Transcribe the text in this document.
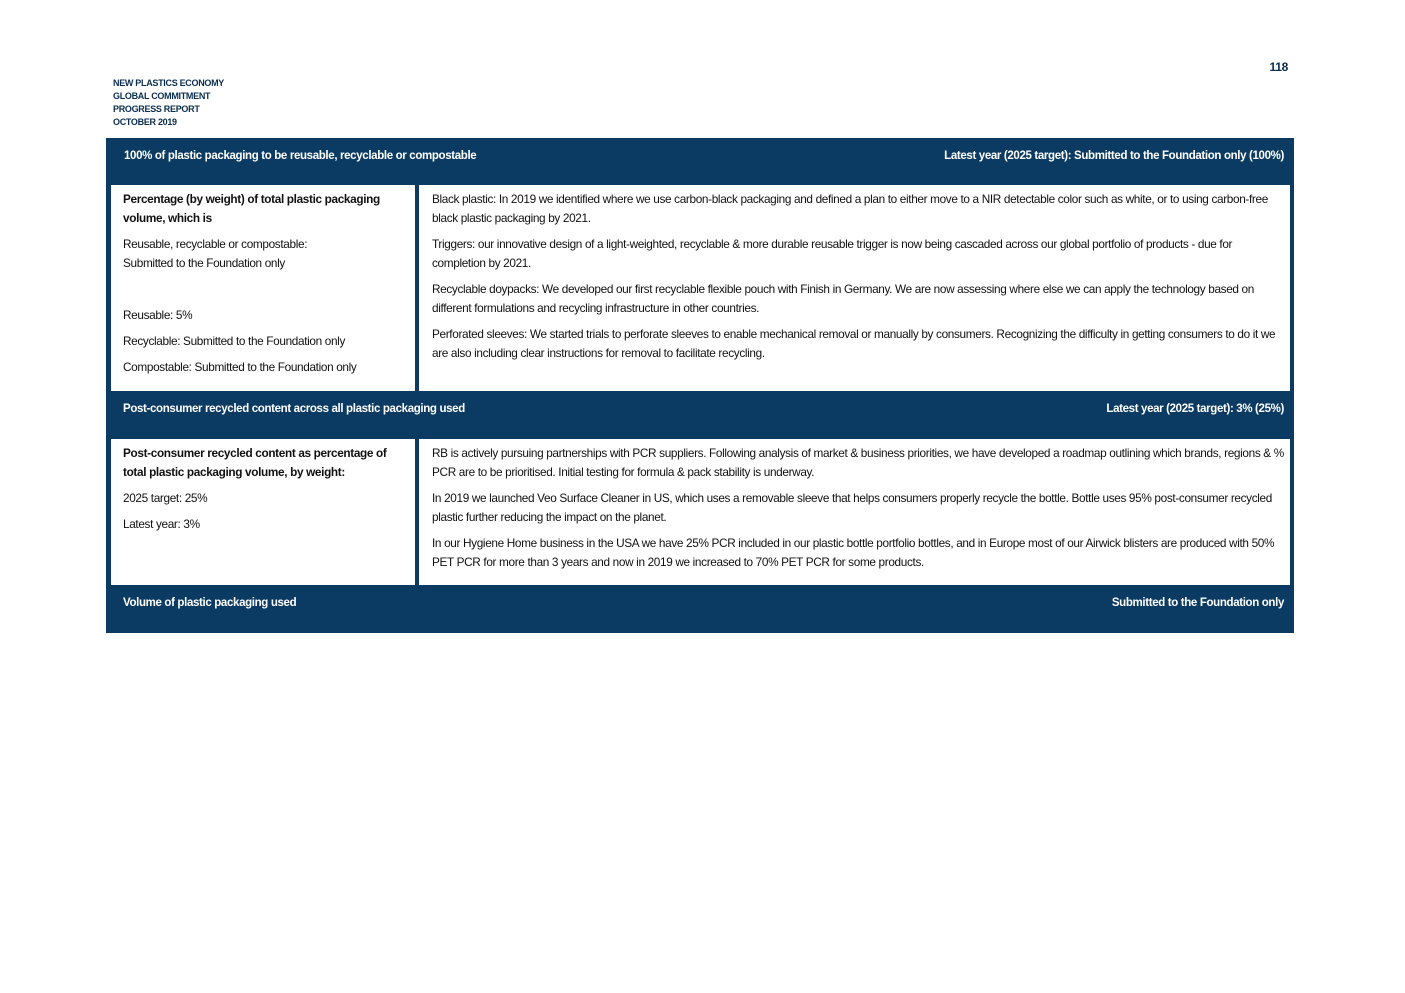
118
NEW PLASTICS ECONOMY
GLOBAL COMMITMENT
PROGRESS REPORT
OCTOBER 2019
100% of plastic packaging to be reusable, recyclable or compostable	Latest year (2025 target): Submitted to the Foundation only (100%)

Percentage (by weight) of total plastic packaging volume, which is

Reusable, recyclable or compostable:
Submitted to the Foundation only

Reusable: 5%

Recyclable: Submitted to the Foundation only

Compostable: Submitted to the Foundation only

Black plastic: In 2019 we identified where we use carbon-black packaging and defined a plan to either move to a NIR detectable color such as white, or to using carbon-free black plastic packaging by 2021.

Triggers: our innovative design of a light-weighted, recyclable & more durable reusable trigger is now being cascaded across our global portfolio of products - due for completion by 2021.

Recyclable doypacks: We developed our first recyclable flexible pouch with Finish in Germany. We are now assessing where else we can apply the technology based on different formulations and recycling infrastructure in other countries.

Perforated sleeves: We started trials to perforate sleeves to enable mechanical removal or manually by consumers. Recognizing the difficulty in getting consumers to do it we are also including clear instructions for removal to facilitate recycling.

Post-consumer recycled content across all plastic packaging used	Latest year (2025 target): 3% (25%)

Post-consumer recycled content as percentage of total plastic packaging volume, by weight:

2025 target: 25%

Latest year: 3%

RB is actively pursuing partnerships with PCR suppliers. Following analysis of market & business priorities, we have developed a roadmap outlining which brands, regions & % PCR are to be prioritised. Initial testing for formula & pack stability is underway.

In 2019 we launched Veo Surface Cleaner in US, which uses a removable sleeve that helps consumers properly recycle the bottle. Bottle uses 95% post-consumer recycled plastic further reducing the impact on the planet.

In our Hygiene Home business in the USA we have 25% PCR included in our plastic bottle portfolio bottles, and in Europe most of our Airwick blisters are produced with 50% PET PCR for more than 3 years and now in 2019 we increased to 70% PET PCR for some products.

Volume of plastic packaging used	Submitted to the Foundation only
